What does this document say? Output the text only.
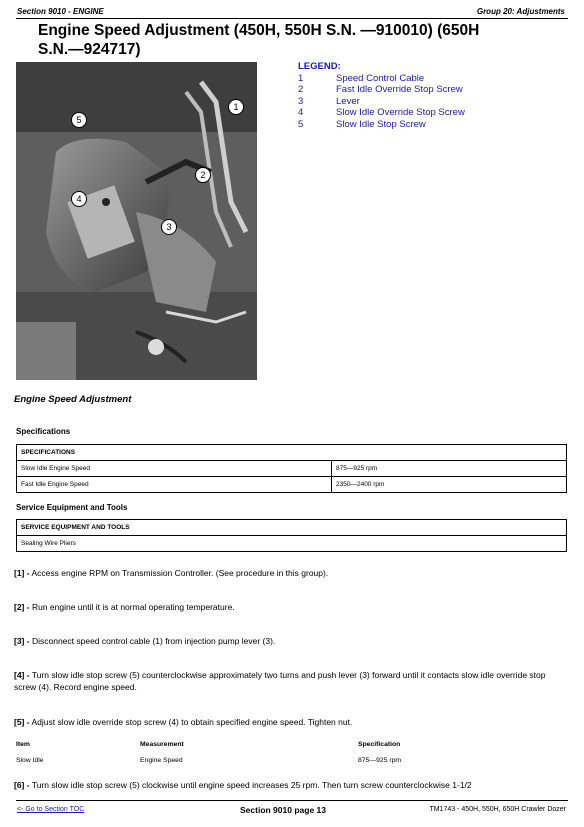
Section 9010 - ENGINE	Group 20: Adjustments
Engine Speed Adjustment (450H, 550H S.N. —910010) (650H
S.N.—924717)
1
2
3
4
5
LEGEND:
1	Speed Control Cable
2	Fast Idle Override Stop Screw
3	Lever
4	Slow Idle Override Stop Screw
5	Slow Idle Stop Screw
Engine Speed Adjustment
Specifications
SPECIFICATIONS	
Slow Idle Engine Speed	875—925 rpm
Fast Idle Engine Speed	2350—2400 rpm
Service Equipment and Tools
SERVICE EQUIPMENT AND TOOLS
Sealing Wire Pliers
[1] - Access engine RPM on Transmission Controller. (See procedure in this group).
[2] - Run engine until it is at normal operating temperature.
[3] - Disconnect speed control cable (1) from injection pump lever (3).
[4] - Turn slow idle stop screw (5) counterclockwise approximately two turns and push lever (3) forward until it contacts slow idle override stop screw (4). Record engine speed.
[5] - Adjust slow idle override stop screw (4) to obtain specified engine speed. Tighten nut.
Item	Measurement	Specification
Slow Idle	Engine Speed	875—925 rpm
[6] - Turn slow idle stop screw (5) clockwise until engine speed increases 25 rpm. Then turn screw counterclockwise 1-1/2
<- Go to Section TOC	Section 9010 page 13	TM1743 - 450H, 550H, 650H Crawler Dozer
